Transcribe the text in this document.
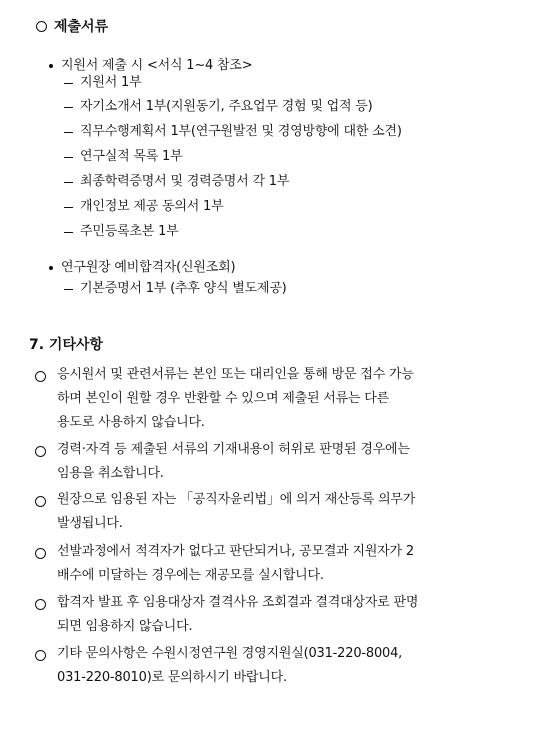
제출서류
지원서 제출 시 <서식 1~4 참조>
지원서 1부
자기소개서 1부(지원동기, 주요업무 경험 및 업적 등)
직무수행계획서 1부(연구원발전 및 경영방향에 대한 소견)
연구실적 목록 1부
최종학력증명서 및 경력증명서 각 1부
개인정보 제공 동의서 1부
주민등록초본 1부
연구원장 예비합격자(신원조회)
기본증명서 1부 (추후 양식 별도제공)
7. 기타사항
응시원서 및 관련서류는 본인 또는 대리인을 통해 방문 접수 가능
하며 본인이 원할 경우 반환할 수 있으며 제출된 서류는 다른
용도로 사용하지 않습니다.
경력·자격 등 제출된 서류의 기재내용이 허위로 판명된 경우에는
임용을 취소합니다.
원장으로 임용된 자는 「공직자윤리법」에 의거 재산등록 의무가
발생됩니다.
선발과정에서 적격자가 없다고 판단되거나, 공모결과 지원자가 2
배수에 미달하는 경우에는 재공모를 실시합니다.
합격자 발표 후 임용대상자 결격사유 조회결과 결격대상자로 판명
되면 임용하지 않습니다.
기타 문의사항은 수원시정연구원 경영지원실(031-220-8004,
031-220-8010)로 문의하시기 바랍니다.
